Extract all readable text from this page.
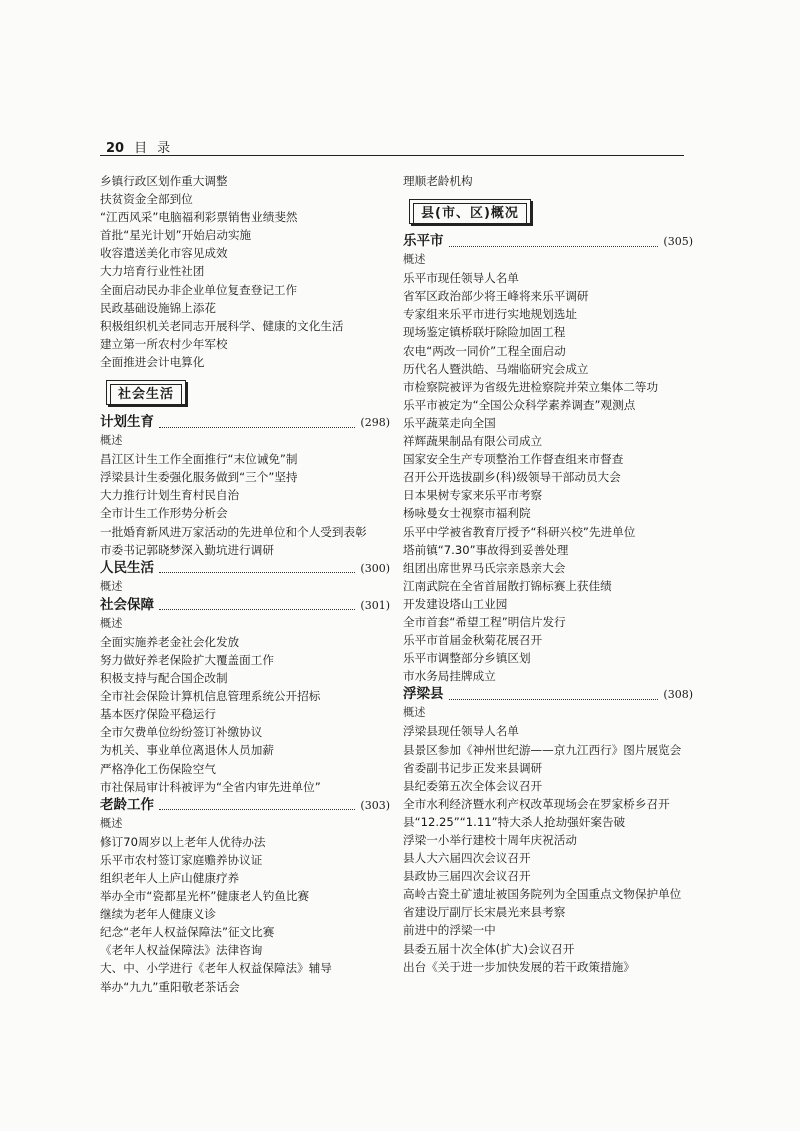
20 目录
乡镇行政区划作重大调整
扶贫资金全部到位
“江西风采”电脑福利彩票销售业绩斐然
首批“星光计划”开始启动实施
收容遣送美化市容见成效
大力培育行业性社团
全面启动民办非企业单位复查登记工作
民政基础设施锦上添花
积极组织机关老同志开展科学、健康的文化生活
建立第一所农村少年军校
全面推进会计电算化
社会生活
计划生育	(298)
概述
昌江区计生工作全面推行“末位诫免”制
浮梁县计生委强化服务做到“三个”坚持
大力推行计划生育村民自治
全市计生工作形势分析会
一批婚育新风进万家活动的先进单位和个人受到表彰
市委书记郭晓梦深入勤坑进行调研
人民生活	(300)
概述
社会保障	(301)
概述
全面实施养老金社会化发放
努力做好养老保险扩大覆盖面工作
积极支持与配合国企改制
全市社会保险计算机信息管理系统公开招标
基本医疗保险平稳运行
全市欠费单位纷纷签订补缴协议
为机关、事业单位离退休人员加薪
严格净化工伤保险空气
市社保局审计科被评为“全省内审先进单位”
老龄工作	(303)
概述
修订70周岁以上老年人优待办法
乐平市农村签订家庭赡养协议证
组织老年人上庐山健康疗养
举办全市“瓷都星光杯”健康老人钓鱼比赛
继续为老年人健康义诊
纪念“老年人权益保障法”征文比赛
《老年人权益保障法》法律咨询
大、中、小学进行《老年人权益保障法》辅导
举办“九九”重阳敬老茶话会
理顺老龄机构
县(市、区)概况
乐平市	(305)
概述
乐平市现任领导人名单
省军区政治部少将王峰将来乐平调研
专家组来乐平市进行实地规划选址
现场鉴定镇桥联圩除险加固工程
农电“两改一同价”工程全面启动
历代名人暨洪皓、马端临研究会成立
市检察院被评为省级先进检察院并荣立集体二等功
乐平市被定为“全国公众科学素养调查”观测点
乐平蔬菜走向全国
祥辉蔬果制品有限公司成立
国家安全生产专项整治工作督查组来市督查
召开公开选拔副乡(科)级领导干部动员大会
日本果树专家来乐平市考察
杨咏曼女士视察市福利院
乐平中学被省教育厅授予“科研兴校”先进单位
塔前镇“7.30”事故得到妥善处理
组团出席世界马氏宗亲恳亲大会
江南武院在全省首届散打锦标赛上获佳绩
开发建设塔山工业园
全市首套“希望工程”明信片发行
乐平市首届金秋菊花展召开
乐平市调整部分乡镇区划
市水务局挂牌成立
浮梁县	(308)
概述
浮梁县现任领导人名单
县景区参加《神州世纪游——京九江西行》图片展览会
省委副书记步正发来县调研
县纪委第五次全体会议召开
全市水利经济暨水利产权改革现场会在罗家桥乡召开
县“12.25”“1.11”特大杀人抢劫强奸案告破
浮梁一小举行建校十周年庆祝活动
县人大六届四次会议召开
县政协三届四次会议召开
高岭古瓷土矿遗址被国务院列为全国重点文物保护单位
省建设厅副厅长宋晨光来县考察
前进中的浮梁一中
县委五届十次全体(扩大)会议召开
出台《关于进一步加快发展的若干政策措施》
